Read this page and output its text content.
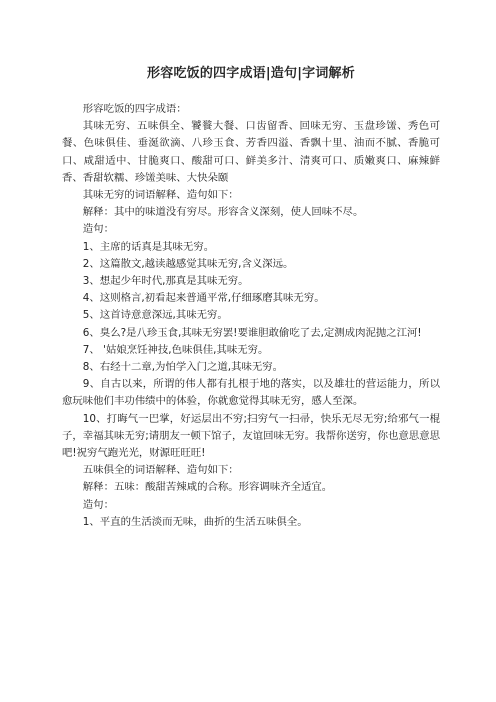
形容吃饭的四字成语|造句|字词解析

形容吃饭的四字成语：

其味无穷、五味俱全、饕餮大餐、口齿留香、回味无穷、玉盘珍馐、秀色可餐、色味俱佳、垂涎欲滴、八珍玉食、芳香四溢、香飘十里、油而不腻、香脆可口、咸甜适中、甘脆爽口、酸甜可口、鲜美多汁、清爽可口、质嫩爽口、麻辣鲜香、香甜软糯、珍馐美味、大快朵颐

其味无穷的词语解释、造句如下：

解释：其中的味道没有穷尽。形容含义深刻，使人回味不尽。

造句：

1、主席的话真是其味无穷。

2、这篇散文,越读越感觉其味无穷,含义深远。

3、想起少年时代,那真是其味无穷。

4、这则格言,初看起来普通平常,仔细琢磨其味无穷。

5、这首诗意意深远,其味无穷。

6、臭么?是八珍玉食,其味无穷罢!要谁胆敢偷吃了去,定测成肉泥抛之江河!

7、 '姑娘烹饪神技,色味俱佳,其味无穷。

8、右经十二章,为怕学入门之道,其味无穷。

9、自古以来，所谓的伟人都有扎根于地的落实，以及雄壮的营运能力，所以愈玩味他们丰功伟绩中的体验，你就愈觉得其味无穷，感人至深。

10、打晦气一巴掌，好运层出不穷;扫穷气一扫帚，快乐无尽无穷;给邪气一棍子，幸福其味无穷;请朋友一顿下馆子，友谊回味无穷。我帮你送穷，你也意思意思吧!祝穷气跑光光，财源旺旺旺!

五味俱全的词语解释、造句如下：

解释：五味：酸甜苦辣咸的合称。形容调味齐全适宜。

造句：

1、平直的生活淡而无味，曲折的生活五味俱全。
